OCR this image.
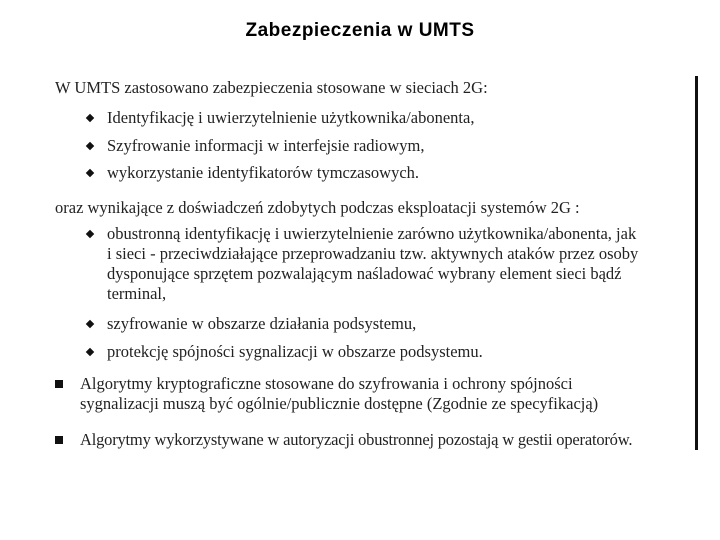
Zabezpieczenia w UMTS
W UMTS zastosowano zabezpieczenia stosowane w sieciach 2G:
Identyfikację i uwierzytelnienie użytkownika/abonenta,
Szyfrowanie informacji w interfejsie radiowym,
wykorzystanie identyfikatorów tymczasowych.
oraz wynikające z doświadczeń zdobytych podczas eksploatacji systemów 2G :
obustronną identyfikację i uwierzytelnienie zarówno użytkownika/abonenta, jak
i sieci - przeciwdziałające przeprowadzaniu tzw. aktywnych ataków przez osoby
dysponujące sprzętem pozwalającym naśladować wybrany element sieci bądź
terminal,
szyfrowanie w obszarze działania podsystemu,
protekcję spójności sygnalizacji w obszarze podsystemu.
Algorytmy kryptograficzne stosowane do szyfrowania i ochrony spójności
sygnalizacji muszą być ogólnie/publicznie dostępne (Zgodnie ze specyfikacją)
Algorytmy wykorzystywane w autoryzacji obustronnej pozostają w gestii operatorów.
